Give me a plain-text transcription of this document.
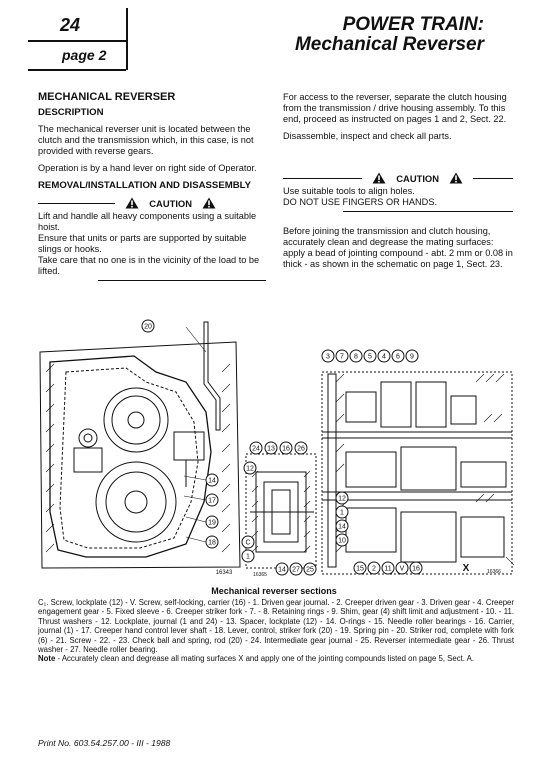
24
page 2
POWER TRAIN:
Mechanical Reverser
MECHANICAL REVERSER
DESCRIPTION

The mechanical reverser unit is located between the clutch and the transmission which, in this case, is not provided with reverse gears.

Operation is by a hand lever on right side of Operator.

REMOVAL/INSTALLATION AND DISASSEMBLY
CAUTION
Lift and handle all heavy components using a suitable hoist.
Ensure that units or parts are supported by suitable slings or hooks.
Take care that no one is in the vicinity of the load to be lifted.

For access to the reverser, separate the clutch housing from the transmission / drive housing assembly. To this end, proceed as instructed on pages 1 and 2, Sect. 22.

Disassemble, inspect and check all parts.

CAUTION
Use suitable tools to align holes.
DO NOT USE FINGERS OR HANDS.

Before joining the transmission and clutch housing, accurately clean and degrease the mating surfaces: apply a bead of jointing compound - abt. 2 mm or 0.08 in thick - as shown in the schematic on page 1, Sect. 23.

20
14
17
19
18
16343
24 13 16 26
12
C
1
14 27 25
16365
3 7 8 5 4 6 9
12
1
14
10
15 2 11 V 16	X	16366
Mechanical reverser sections
C₁. Screw, lockplate (12) - V. Screw, self-locking, carrier (16) - 1. Driven gear journal. - 2. Creeper driven gear - 3. Driven gear - 4. Creeper engagement gear - 5. Fixed sleeve - 6. Creeper striker fork - 7. - 8. Retaining rings - 9. Shim, gear (4) shift limit and adjustment - 10. - 11. Thrust washers - 12. Lockplate, journal (1 and 24) - 13. Spacer, lockplate (12) - 14. O-rings - 15. Needle roller bearings - 16. Carrier, journal (1) - 17. Creeper hand control lever shaft - 18. Lever, control, striker fork (20) - 19. Spring pin - 20. Striker rod, complete with fork (6) - 21. Screw - 22. - 23. Check ball and spring, rod (20) - 24. Intermediate gear journal - 25. Reverser intermediate gear - 26. Thrust washer - 27. Needle roller bearing.
Note - Accurately clean and degrease all mating surfaces X and apply one of the jointing compounds listed on page 5, Sect. A.
Print No. 603.54.257.00 - III - 1988
